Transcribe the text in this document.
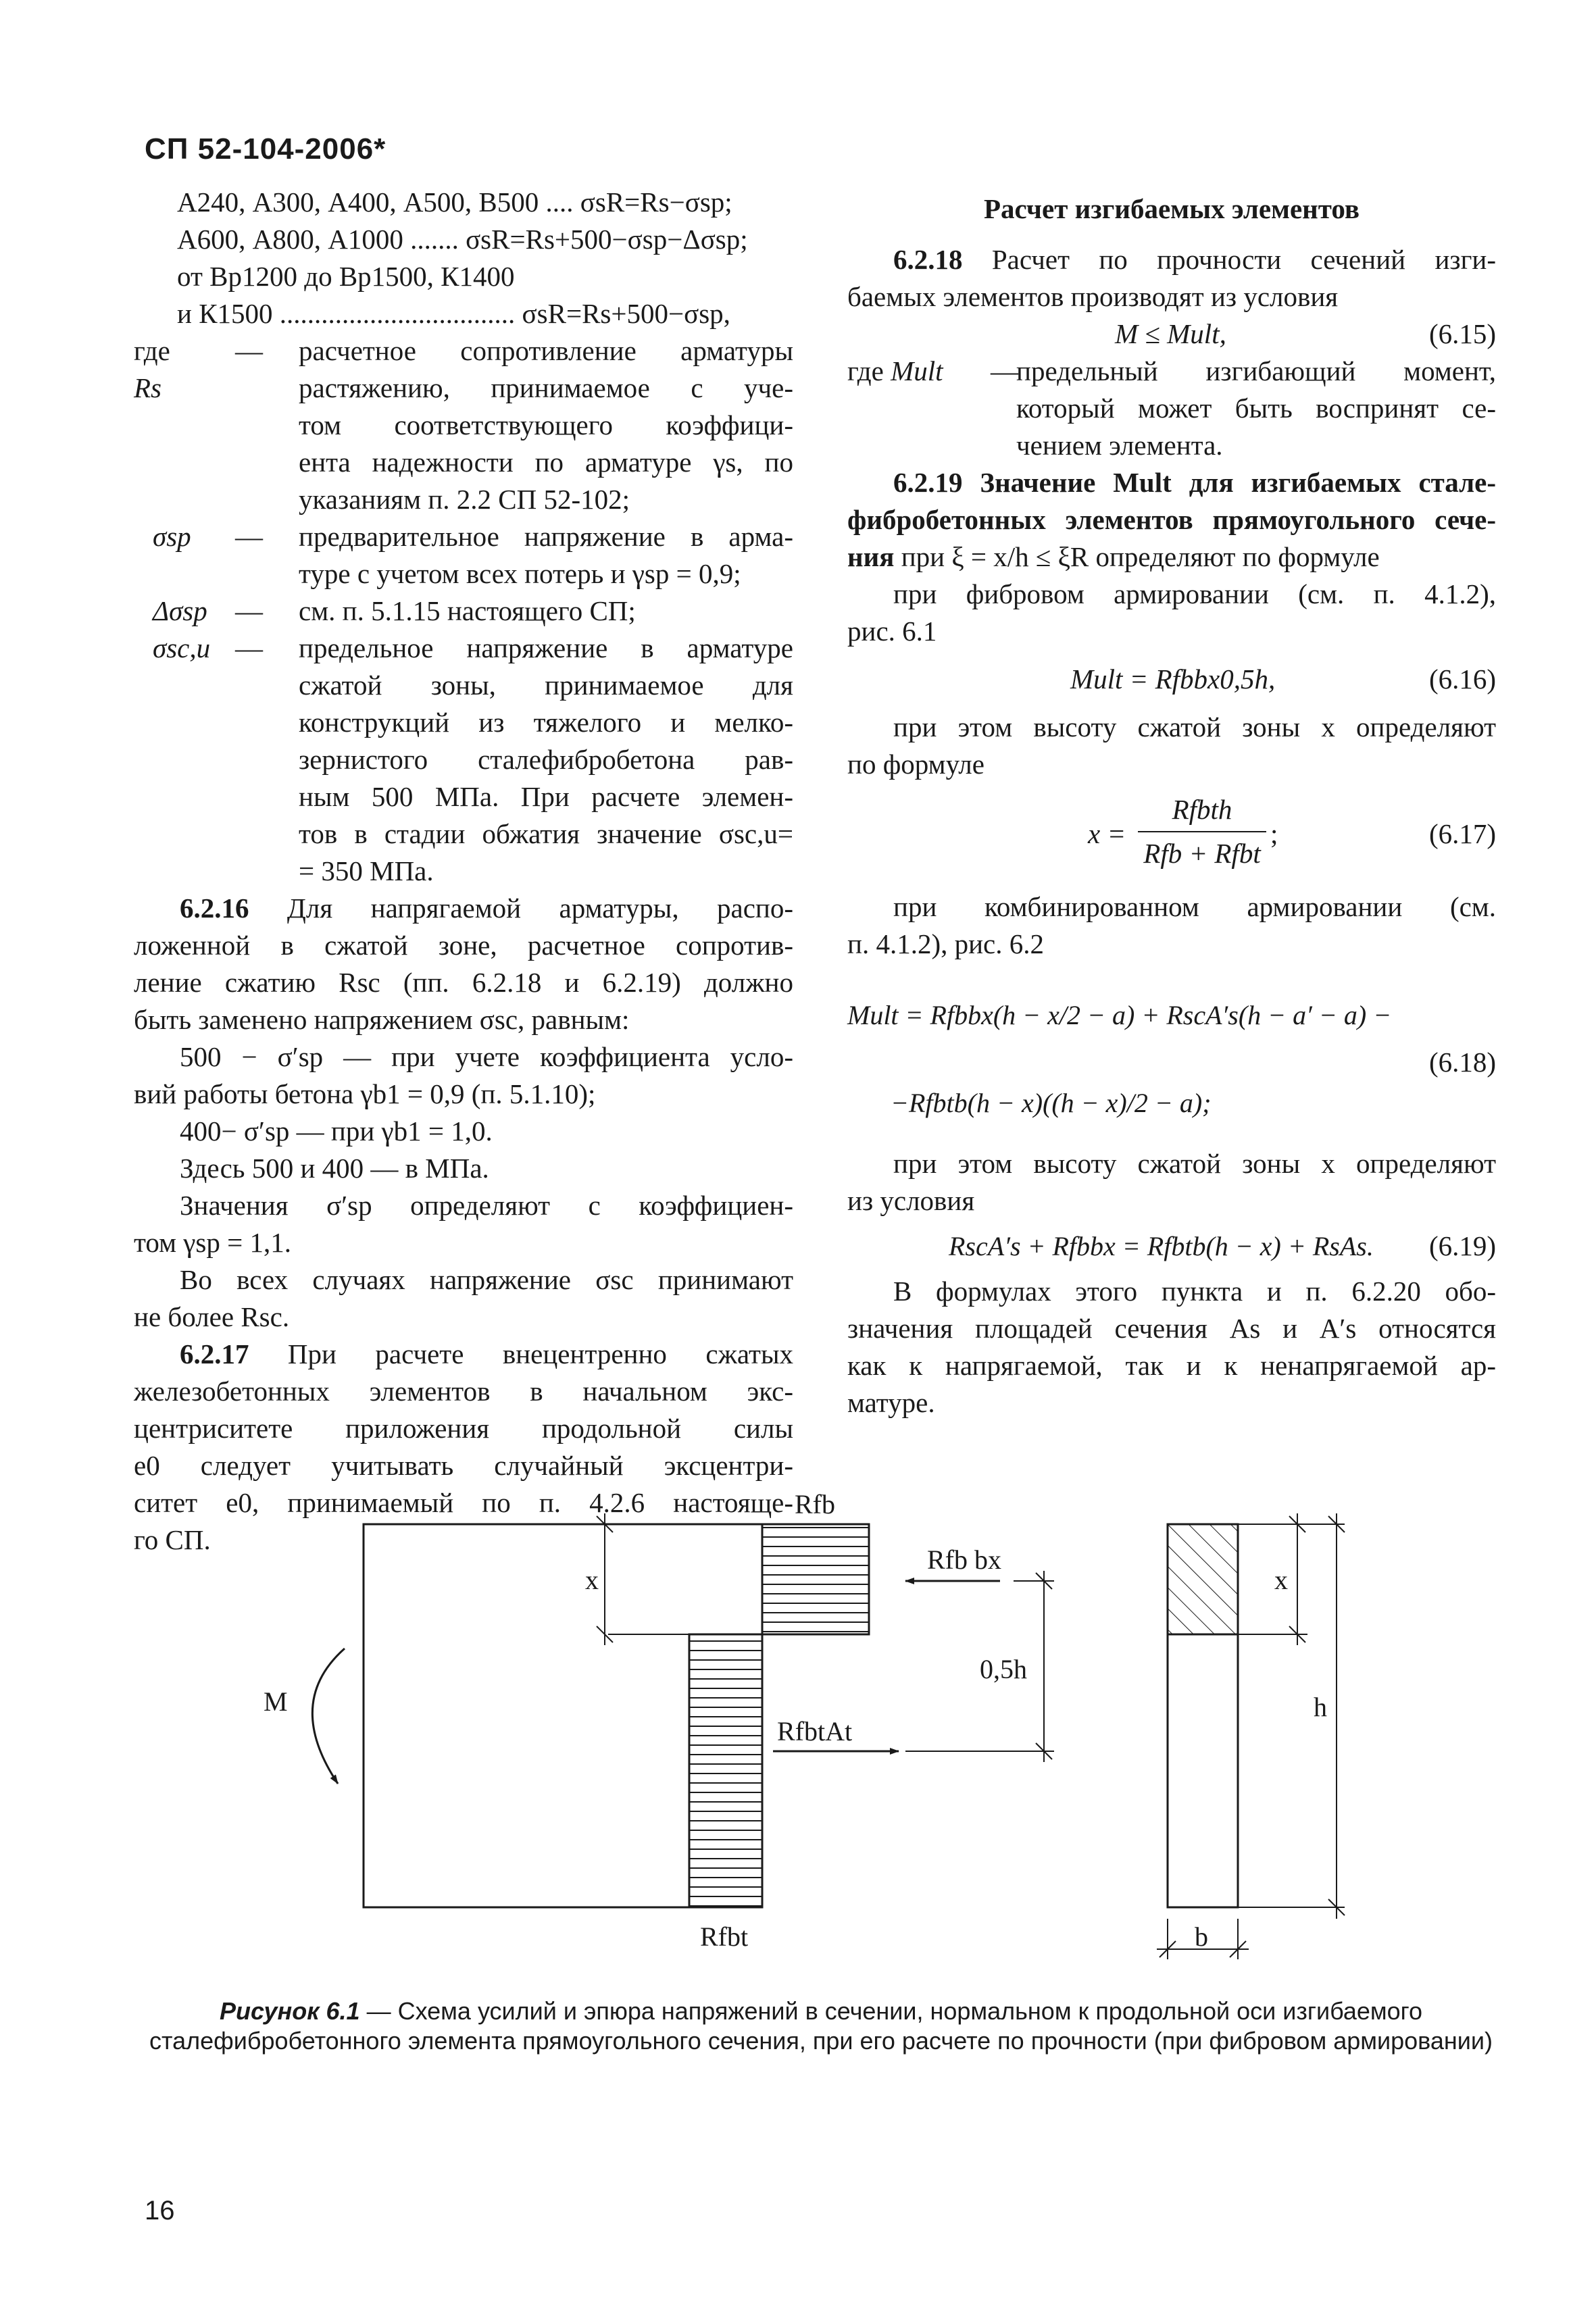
СП 52-104-2006*
А240, А300, А400, А500, В500 .... σsR=Rs−σsp;
А600, А800, А1000 ....... σsR=Rs+500−σsp−Δσsp;
от Вр1200 до Вр1500, К1400
и К1500 .................................. σsR=Rs+500−σsp,
где Rs
— расчетное сопротивление арматуры
растяжению, принимаемое с уче-
том соответствующего коэффици-
ента надежности по арматуре γs, по
указаниям п. 2.2 СП 52-102;
σsp	— предварительное напряжение в арма-
туре с учетом всех потерь и γsp = 0,9;
Δσsp	— см. п. 5.1.15 настоящего СП;
σsc,u — предельное напряжение в арматуре
сжатой зоны, принимаемое для
конструкций из тяжелого и мелко-
зернистого сталефибробетона рав-
ным 500 МПа. При расчете элемен-
тов в стадии обжатия значение σsc,u=
= 350 МПа.
6.2.16 Для напрягаемой арматуры, распо-
ложенной в сжатой зоне, расчетное сопротив-
ление сжатию Rsc (пп. 6.2.18 и 6.2.19) должно
быть заменено напряжением σsc, равным:
500 − σ′sp — при учете коэффициента усло-
вий работы бетона γb1 = 0,9 (п. 5.1.10);
400− σ′sp — при γb1 = 1,0.
Здесь 500 и 400 — в МПа.
Значения σ′sp определяют с коэффициен-
том γsp = 1,1.
Во всех случаях напряжение σsc принимают
не более Rsc.
6.2.17 При расчете внецентренно сжатых
железобетонных элементов в начальном экс-
центриситете приложения продольной силы
e0 следует учитывать случайный эксцентри-
ситет e0, принимаемый по п. 4.2.6 настояще-
го СП.
Расчет изгибаемых элементов
6.2.18 Расчет по прочности сечений изги-
баемых элементов производят из условия
M ≤ Mult,	(6.15)
где Mult —
предельный изгибающий момент,
который может быть воспринят се-
чением элемента.
6.2.19 Значение Mult для изгибаемых стале-
фибробетонных элементов прямоугольного сече-
ния при ξ = x/h ≤ ξR определяют по формуле
при фибровом армировании (см. п. 4.1.2),
рис. 6.1
Mult = Rfbbx0,5h,	(6.16)
при этом высоту сжатой зоны x определяют
по формуле
x =
Rfbth
Rfb + Rfbt
;	(6.17)
при комбинированном армировании (см.
п. 4.1.2), рис. 6.2
Mult = Rfbbx(h − x/2 − a) + RscA′s(h − a′ − a) −
(6.18)
−Rfbtb(h − x)((h − x)/2 − a);
при этом высоту сжатой зоны x определяют
из условия
RscA′s + Rfbbx = Rfbtb(h − x) + RsAs. (6.19)
В формулах этого пункта и п. 6.2.20 обо-
значения площадей сечения As и A′s относятся
как к напрягаемой, так и к ненапрягаемой ар-
матуре.
Rfb
Rfb bx
x
0,5h
M
RfbtAt
Rfbt
x
h
b
Рисунок 6.1 — Схема усилий и эпюра напряжений в сечении, нормальном к продольной оси изгибаемого сталефибробетонного элемента прямоугольного сечения, при его расчете по прочности (при фибровом армировании)
16
